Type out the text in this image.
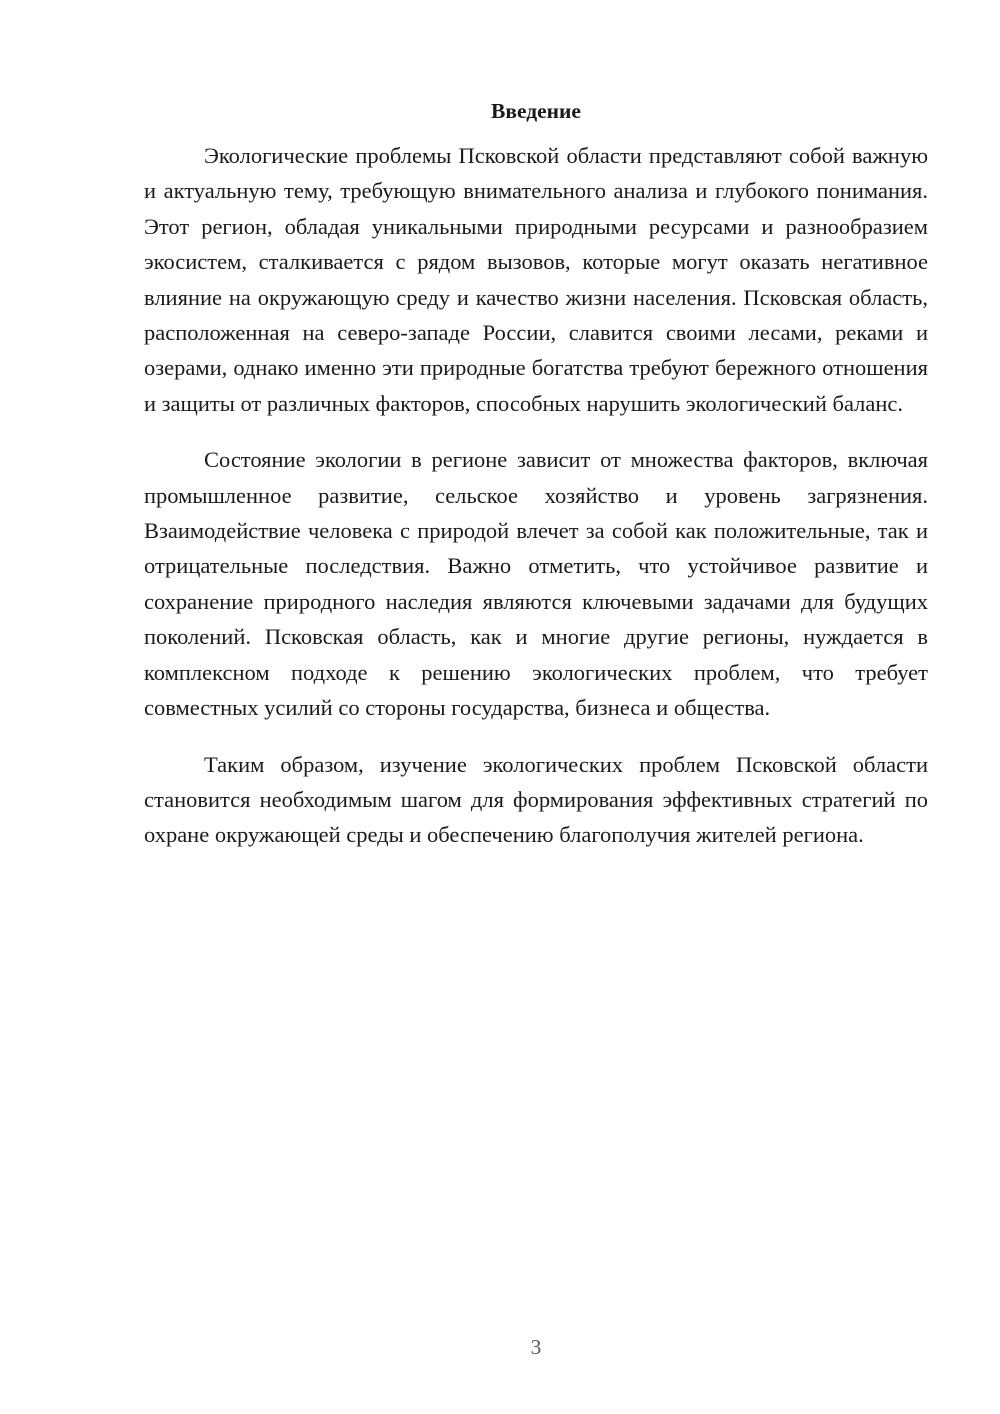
Введение

Экологические проблемы Псковской области представляют собой важную и актуальную тему, требующую внимательного анализа и глубокого понимания. Этот регион, обладая уникальными природными ресурсами и разнообразием экосистем, сталкивается с рядом вызовов, которые могут оказать негативное влияние на окружающую среду и качество жизни населения. Псковская область, расположенная на северо-западе России, славится своими лесами, реками и озерами, однако именно эти природные богатства требуют бережного отношения и защиты от различных факторов, способных нарушить экологический баланс.

Состояние экологии в регионе зависит от множества факторов, включая промышленное развитие, сельское хозяйство и уровень загрязнения. Взаимодействие человека с природой влечет за собой как положительные, так и отрицательные последствия. Важно отметить, что устойчивое развитие и сохранение природного наследия являются ключевыми задачами для будущих поколений. Псковская область, как и многие другие регионы, нуждается в комплексном подходе к решению экологических проблем, что требует совместных усилий со стороны государства, бизнеса и общества.

Таким образом, изучение экологических проблем Псковской области становится необходимым шагом для формирования эффективных стратегий по охране окружающей среды и обеспечению благополучия жителей региона.

3
